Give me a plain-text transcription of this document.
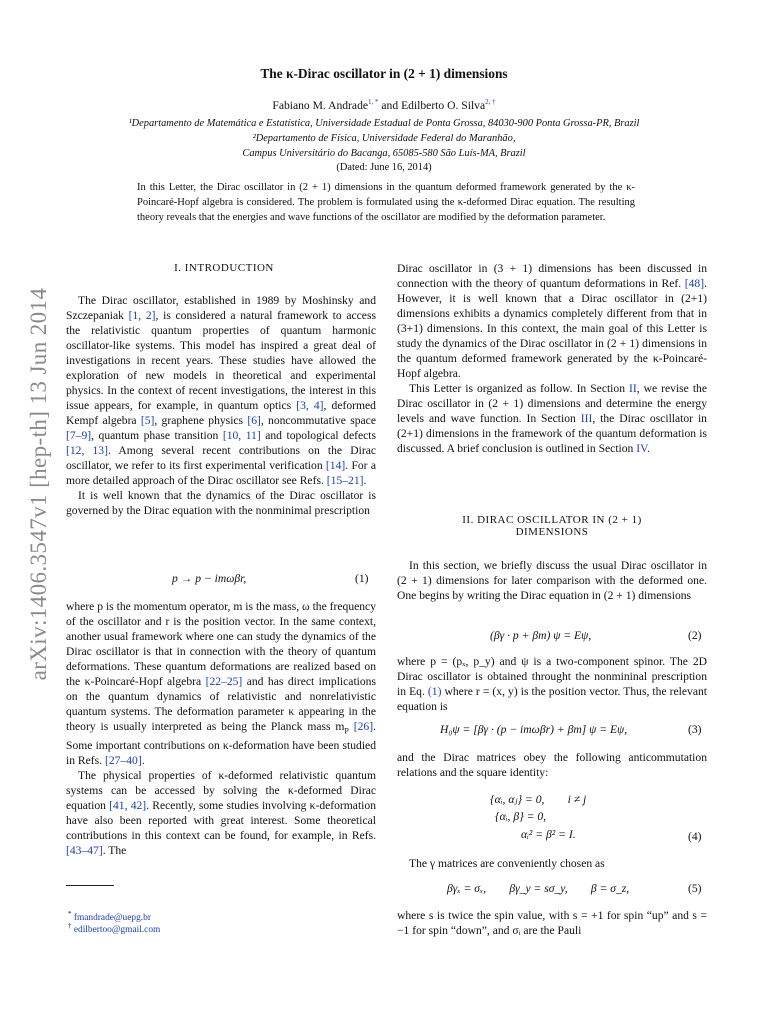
arXiv:1406.3547v1 [hep-th] 13 Jun 2014
The κ-Dirac oscillator in (2 + 1) dimensions
Fabiano M. Andrade$^{1, *}$ and Edilberto O. Silva$^{2, \dagger}$
¹Departamento de Matemática e Estatística, Universidade Estadual de Ponta Grossa, 84030-900 Ponta Grossa-PR, Brazil
²Departamento de Física, Universidade Federal do Maranhão,
Campus Universitário do Bacanga, 65085-580 São Luís-MA, Brazil
(Dated: June 16, 2014)
In this Letter, the Dirac oscillator in (2 + 1) dimensions in the quantum deformed framework generated by the κ-Poincaré-Hopf algebra is considered. The problem is formulated using the κ-deformed Dirac equation. The resulting theory reveals that the energies and wave functions of the oscillator are modified by the deformation parameter.
I. INTRODUCTION

The Dirac oscillator, established in 1989 by Moshinsky and Szczepaniak [1, 2], is considered a natural framework to access the relativistic quantum properties of quantum harmonic oscillator-like systems. This model has inspired a great deal of investigations in recent years. These studies have allowed the exploration of new models in theoretical and experimental physics. In the context of recent investigations, the interest in this issue appears, for example, in quantum optics [3, 4], deformed Kempf algebra [5], graphene physics [6], noncommutative space [7–9], quantum phase transition [10, 11] and topological defects [12, 13]. Among several recent contributions on the Dirac oscillator, we refer to its first experimental verification [14]. For a more detailed approach of the Dirac oscillator see Refs. [15–21].

It is well known that the dynamics of the Dirac oscillator is governed by the Dirac equation with the nonminimal prescription

p → p − imωβr,	(1)

where p is the momentum operator, m is the mass, ω the frequency of the oscillator and r is the position vector. In the same context, another usual framework where one can study the dynamics of the Dirac oscillator is that in connection with the theory of quantum deformations. These quantum deformations are realized based on the κ-Poincaré-Hopf algebra [22–25] and has direct implications on the quantum dynamics of relativistic and nonrelativistic quantum systems. The deformation parameter κ appearing in the theory is usually interpreted as being the Planck mass $m_P$ [26]. Some important contributions on κ-deformation have been studied in Refs. [27–40].

The physical properties of κ-deformed relativistic quantum systems can be accessed by solving the κ-deformed Dirac equation [41, 42]. Recently, some studies involving κ-deformation have also been reported with great interest. Some theoretical contributions in this context can be found, for example, in Refs. [43–47]. The

* fmandrade@uepg.br
† edilbertoo@gmail.com

Dirac oscillator in (3 + 1) dimensions has been discussed in connection with the theory of quantum deformations in Ref. [48]. However, it is well known that a Dirac oscillator in (2+1) dimensions exhibits a dynamics completely different from that in (3+1) dimensions. In this context, the main goal of this Letter is study the dynamics of the Dirac oscillator in (2 + 1) dimensions in the quantum deformed framework generated by the κ-Poincaré-Hopf algebra.

This Letter is organized as follow. In Section II, we revise the Dirac oscillator in (2 + 1) dimensions and determine the energy levels and wave function. In Section III, the Dirac oscillator in (2+1) dimensions in the framework of the quantum deformation is discussed. A brief conclusion is outlined in Section IV.

II. DIRAC OSCILLATOR IN (2 + 1)
DIMENSIONS

In this section, we briefly discuss the usual Dirac oscillator in (2 + 1) dimensions for later comparison with the deformed one. One begins by writing the Dirac equation in (2 + 1) dimensions

(βγ · p + βm) ψ = Eψ,	(2)

where p = (pₓ, p_y) and ψ is a two-component spinor. The 2D Dirac oscillator is obtained throught the nonmininal prescription in Eq. (1) where r = (x, y) is the position vector. Thus, the relevant equation is

H₀ψ = [βγ · (p − imωβr) + βm] ψ = Eψ,	(3)

and the Dirac matrices obey the following anticommutation relations and the square identity:

{αᵢ, αⱼ} = 0,        i ≠ j
{αᵢ, β} = 0,
αᵢ² = β² = I.	(4)

The γ matrices are conveniently chosen as

βγₓ = σₓ,        βγ_y = sσ_y,        β = σ_z,	(5)

where s is twice the spin value, with s = +1 for spin “up” and s = −1 for spin “down”, and σᵢ are the Pauli
